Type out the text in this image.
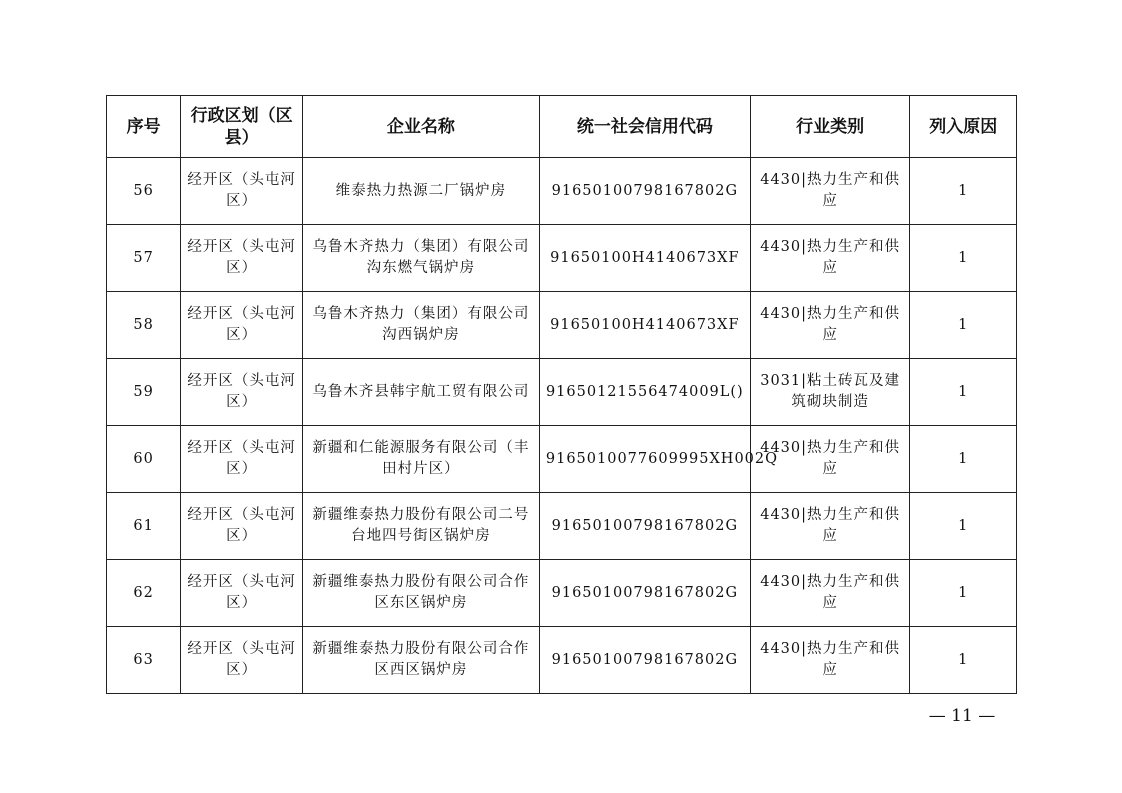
序号	行政区划（区县）	企业名称	统一社会信用代码	行业类别	列入原因
56	经开区（头屯河区）	维泰热力热源二厂锅炉房	91650100798167802G	4430|热力生产和供应	1
57	经开区（头屯河区）	乌鲁木齐热力（集团）有限公司沟东燃气锅炉房	91650100H4140673XF	4430|热力生产和供应	1
58	经开区（头屯河区）	乌鲁木齐热力（集团）有限公司沟西锅炉房	91650100H4140673XF	4430|热力生产和供应	1
59	经开区（头屯河区）	乌鲁木齐县韩宇航工贸有限公司	91650121556474009L()	3031|粘土砖瓦及建筑砌块制造	1
60	经开区（头屯河区）	新疆和仁能源服务有限公司（丰田村片区）	9165010077609995XH002Q	4430|热力生产和供应	1
61	经开区（头屯河区）	新疆维泰热力股份有限公司二号台地四号街区锅炉房	91650100798167802G	4430|热力生产和供应	1
62	经开区（头屯河区）	新疆维泰热力股份有限公司合作区东区锅炉房	91650100798167802G	4430|热力生产和供应	1
63	经开区（头屯河区）	新疆维泰热力股份有限公司合作区西区锅炉房	91650100798167802G	4430|热力生产和供应	1
— 11 —
